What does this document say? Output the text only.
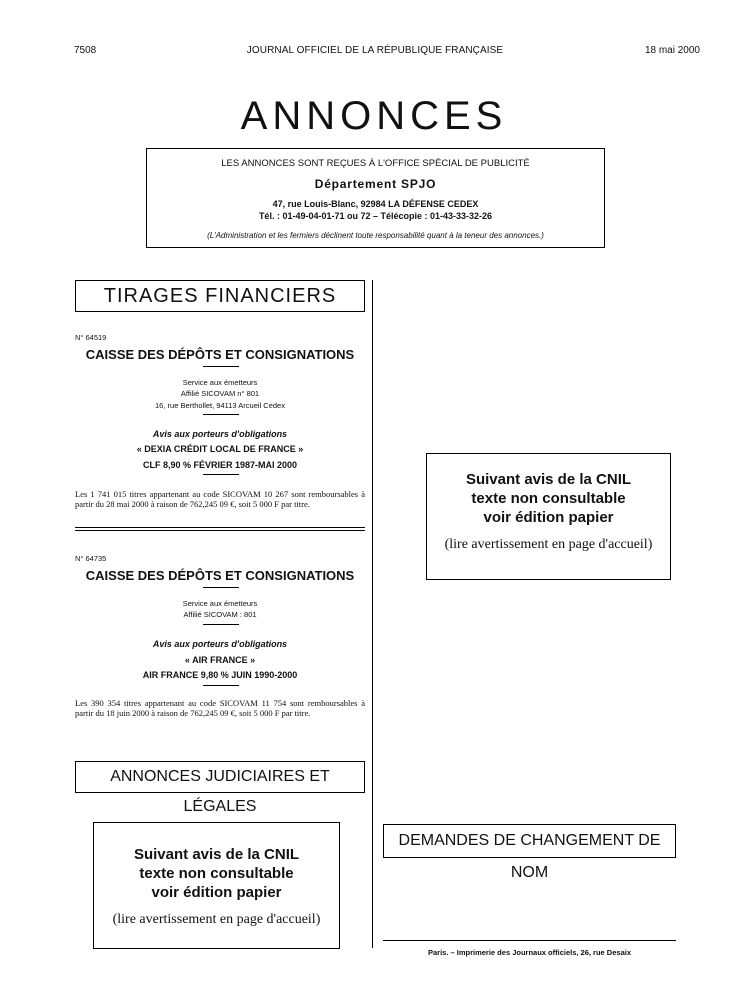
7508	JOURNAL OFFICIEL DE LA RÉPUBLIQUE FRANÇAISE	18 mai 2000
ANNONCES
LES ANNONCES SONT REÇUES À L'OFFICE SPÉCIAL DE PUBLICITÉ
Département SPJO
47, rue Louis-Blanc, 92984 LA DÉFENSE CEDEX
Tél. : 01-49-04-01-71 ou 72 – Télécopie : 01-43-33-32-26
(L'Administration et les fermiers déclinent toute responsabilité quant à la teneur des annonces.)
TIRAGES FINANCIERS
N° 64519
CAISSE DES DÉPÔTS ET CONSIGNATIONS
Service aux émetteurs
Affilié SICOVAM n° 801
16, rue Berthollet, 94113 Arcueil Cedex
Avis aux porteurs d'obligations
« DEXIA CRÉDIT LOCAL DE FRANCE »
CLF 8,90 % FÉVRIER 1987-MAI 2000
Les 1 741 015 titres appartenant au code SICOVAM 10 267 sont remboursables à partir du 28 mai 2000 à raison de 762,245 09 €, soit 5 000 F par titre.
N° 64735
CAISSE DES DÉPÔTS ET CONSIGNATIONS
Service aux émetteurs
Affilié SICOVAM : 801
Avis aux porteurs d'obligations
« AIR FRANCE »
AIR FRANCE 9,80 % JUIN 1990-2000
Les 390 354 titres appartenant au code SICOVAM 11 754 sont remboursables à partir du 18 juin 2000 à raison de 762,245 09 €, soit 5 000 F par titre.
ANNONCES JUDICIAIRES ET LÉGALES
Suivant avis de la CNIL
texte non consultable
voir édition papier
(lire avertissement en page d'accueil)
Suivant avis de la CNIL
texte non consultable
voir édition papier
(lire avertissement en page d'accueil)
DEMANDES DE CHANGEMENT DE NOM
Paris. – Imprimerie des Journaux officiels, 26, rue Desaix
